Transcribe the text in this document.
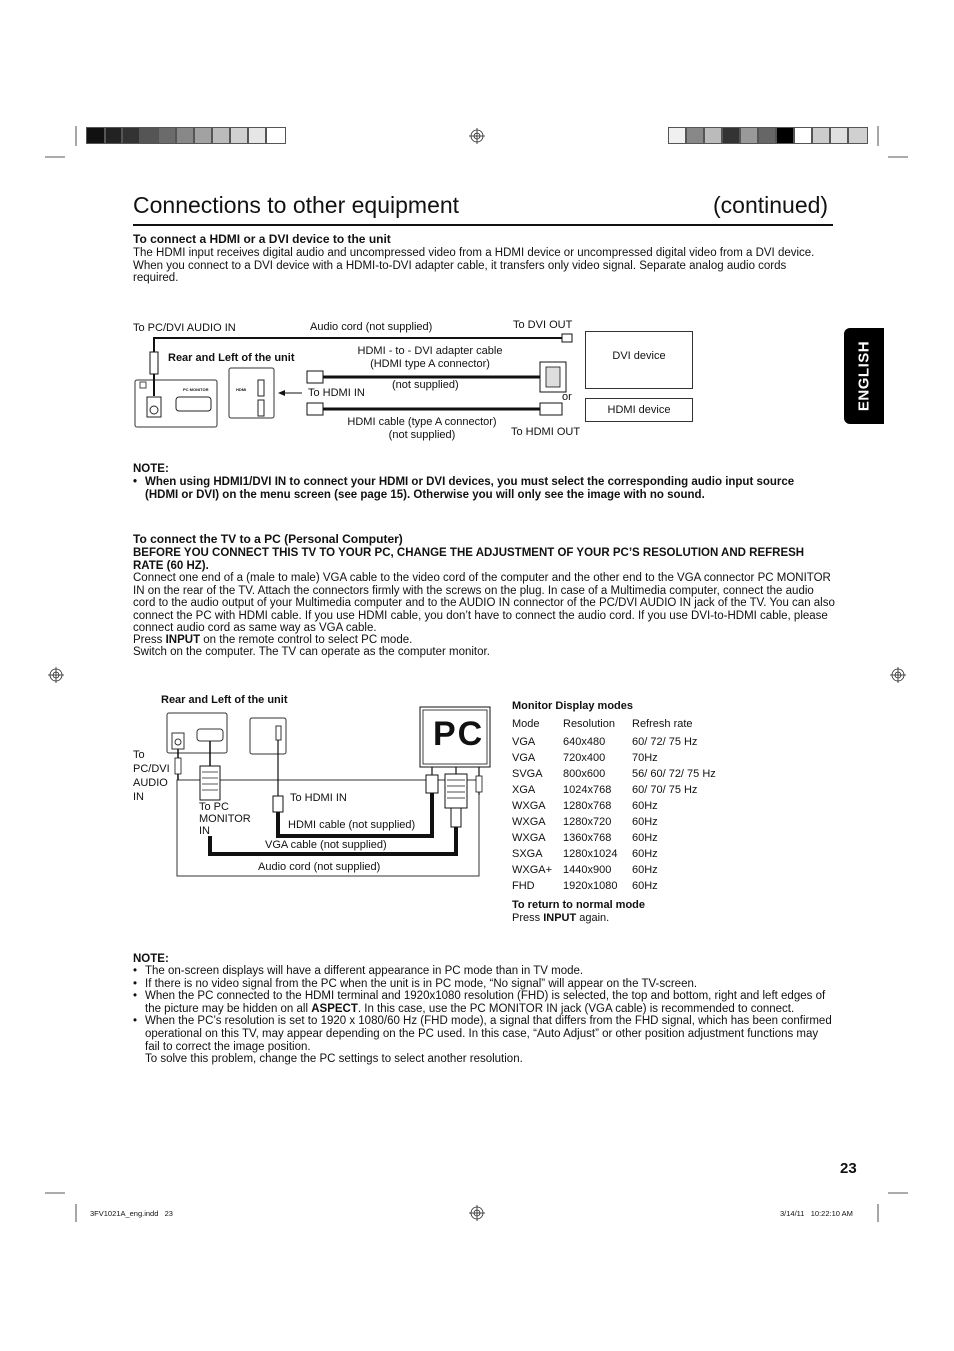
Connections to other equipment	(continued)
ENGLISH
To connect a HDMI or a DVI device to the unit
The HDMI input receives digital audio and uncompressed video from a HDMI device or uncompressed digital video from a DVI device. When you connect to a DVI device with a HDMI-to-DVI adapter cable, it transfers only video signal. Separate analog audio cords required.
PC MONITOR	HDMI
DVI device
HDMI device
To PC/DVI AUDIO IN	Audio cord (not supplied)	To DVI OUT
Rear and Left of the unit
HDMI - to - DVI adapter cable
(HDMI type A connector)
(not supplied)
To HDMI IN	or
HDMI cable (type A connector)
(not supplied)	To HDMI OUT
NOTE:
• When using HDMI1/DVI IN to connect your HDMI or DVI devices, you must select the corresponding audio input source (HDMI or DVI) on the menu screen (see page 15). Otherwise you will only see the image with no sound.
To connect the TV to a PC (Personal Computer)
BEFORE YOU CONNECT THIS TV TO YOUR PC, CHANGE THE ADJUSTMENT OF YOUR PC’S RESOLUTION AND REFRESH RATE (60 HZ).
Connect one end of a (male to male) VGA cable to the video cord of the computer and the other end to the VGA connector PC MONITOR IN on the rear of the TV. Attach the connectors firmly with the screws on the plug. In case of a Multimedia computer, connect the audio cord to the audio output of your Multimedia computer and to the AUDIO IN connector of the PC/DVI AUDIO IN jack of the TV. You can also connect the PC with HDMI cable. If you use HDMI cable, you don’t have to connect the audio cord. If you use DVI-to-HDMI cable, please connect audio cord as same way as VGA cable.
Press INPUT on the remote control to select PC mode.
Switch on the computer. The TV can operate as the computer monitor.
PC
Rear and Left of the unit
To PC/DVI AUDIO IN
To PC MONITOR IN
To HDMI IN
HDMI cable (not supplied)
VGA cable (not supplied)
Audio cord (not supplied)
Monitor Display modes
Mode	Resolution	Refresh rate
VGA	640x480	60/ 72/ 75 Hz
VGA	720x400	70Hz
SVGA	800x600	56/ 60/ 72/ 75 Hz
XGA	1024x768	60/ 70/ 75 Hz
WXGA	1280x768	60Hz
WXGA	1280x720	60Hz
WXGA	1360x768	60Hz
SXGA	1280x1024	60Hz
WXGA+ 1440x900	60Hz
FHD	1920x1080	60Hz
To return to normal mode
Press INPUT again.
NOTE:
• The on-screen displays will have a different appearance in PC mode than in TV mode.
• If there is no video signal from the PC when the unit is in PC mode, “No signal” will appear on the TV-screen.
• When the PC connected to the HDMI terminal and 1920x1080 resolution (FHD) is selected, the top and bottom, right and left edges of the picture may be hidden on all ASPECT. In this case, use the PC MONITOR IN jack (VGA cable) is recommended to connect.
• When the PC’s resolution is set to 1920 x 1080/60 Hz (FHD mode), a signal that differs from the FHD signal, which has been confirmed operational on this TV, may appear depending on the PC used. In this case, “Auto Adjust” or other position adjustment functions may fail to correct the image position.
To solve this problem, change the PC settings to select another resolution.
23
3FV1021A_eng.indd   23	3/14/11   10:22:10 AM
